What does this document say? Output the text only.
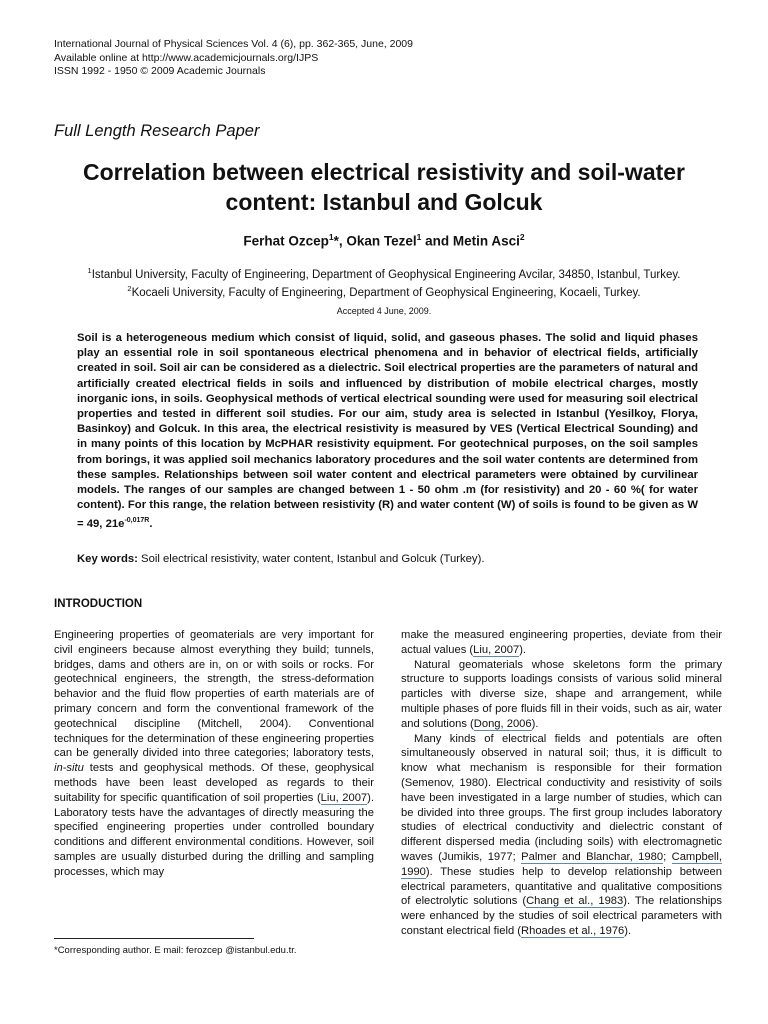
International Journal of Physical Sciences Vol. 4 (6), pp. 362-365, June, 2009
Available online at http://www.academicjournals.org/IJPS
ISSN 1992 - 1950 © 2009 Academic Journals
Full Length Research Paper
Correlation between electrical resistivity and soil-water
content: Istanbul and Golcuk
Ferhat Ozcep$^1$*, Okan Tezel$^1$ and Metin Asci$^2$
$^1$Istanbul University, Faculty of Engineering, Department of Geophysical Engineering Avcilar, 34850, Istanbul, Turkey.
$^2$Kocaeli University, Faculty of Engineering, Department of Geophysical Engineering, Kocaeli, Turkey.
Accepted 4 June, 2009.
Soil is a heterogeneous medium which consist of liquid, solid, and gaseous phases. The solid and liquid phases play an essential role in soil spontaneous electrical phenomena and in behavior of electrical fields, artificially created in soil. Soil air can be considered as a dielectric. Soil electrical properties are the parameters of natural and artificially created electrical fields in soils and influenced by distribution of mobile electrical charges, mostly inorganic ions, in soils. Geophysical methods of vertical electrical sounding were used for measuring soil electrical properties and tested in different soil studies. For our aim, study area is selected in Istanbul (Yesilkoy, Florya, Basinkoy) and Golcuk. In this area, the electrical resistivity is measured by VES (Vertical Electrical Sounding) and in many points of this location by McPHAR resistivity equipment. For geotechnical purposes, on the soil samples from borings, it was applied soil mechanics laboratory procedures and the soil water contents are determined from these samples. Relationships between soil water content and electrical parameters were obtained by curvilinear models. The ranges of our samples are changed between 1 - 50 ohm .m (for resistivity) and 20 - 60 %( for water content). For this range, the relation between resistivity (R) and water content (W) of soils is found to be given as W = 49, $21e^{-0,017R}$.
Key words: Soil electrical resistivity, water content, Istanbul and Golcuk (Turkey).
INTRODUCTION

Engineering properties of geomaterials are very important for civil engineers because almost everything they build; tunnels, bridges, dams and others are in, on or with soils or rocks. For geotechnical engineers, the strength, the stress-deformation behavior and the fluid flow properties of earth materials are of primary concern and form the conventional framework of the geotechnical discipline (Mitchell, 2004). Conventional techniques for the determination of these engineering properties can be generally divided into three categories; laboratory tests, in-situ tests and geophysical methods. Of these, geophysical methods have been least developed as regards to their suitability for specific quantification of soil properties (Liu, 2007). Laboratory tests have the advantages of directly measuring the specified engineering properties under controlled boundary conditions and different environmental conditions. However, soil samples are usually disturbed during the drilling and sampling processes, which may

make the measured engineering properties, deviate from their actual values (Liu, 2007).

Natural geomaterials whose skeletons form the primary structure to supports loadings consists of various solid mineral particles with diverse size, shape and arrangement, while multiple phases of pore fluids fill in their voids, such as air, water and solutions (Dong, 2006).

Many kinds of electrical fields and potentials are often simultaneously observed in natural soil; thus, it is difficult to know what mechanism is responsible for their formation (Semenov, 1980). Electrical conductivity and resistivity of soils have been investigated in a large number of studies, which can be divided into three groups. The first group includes laboratory studies of electrical conductivity and dielectric constant of different dispersed media (including soils) with electromagnetic waves (Jumikis, 1977; Palmer and Blanchar, 1980; Campbell, 1990). These studies help to develop relationship between electrical parameters, quantitative and qualitative compositions of electrolytic solutions (Chang et al., 1983). The relationships were enhanced by the studies of soil electrical parameters with constant electrical field (Rhoades et al., 1976).

*Corresponding author. E mail: ferozcep @istanbul.edu.tr.
